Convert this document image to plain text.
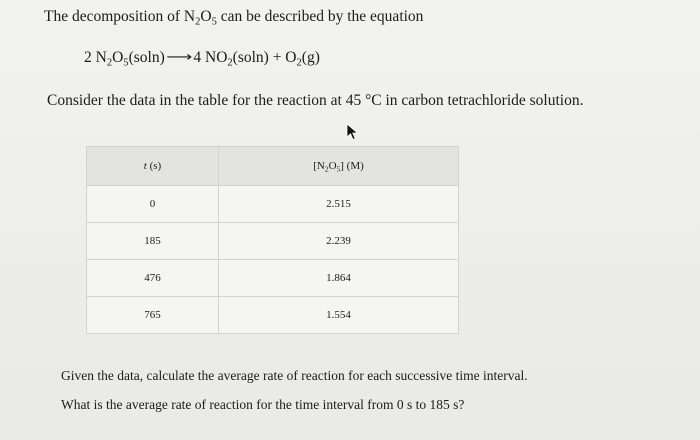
The decomposition of $N_2O_5$ can be described by the equation
2 $N_2O_5(soln)⟶4$ $NO_2(soln) + O_2(g)$
Consider the data in the table for the reaction at 45 °C in carbon tetrachloride solution.
t (s)	$[N_2O_5]$ (M)
0	2.515
185	2.239
476	1.864
765	1.554
Given the data, calculate the average rate of reaction for each successive time interval.
What is the average rate of reaction for the time interval from 0 s to 185 s?
